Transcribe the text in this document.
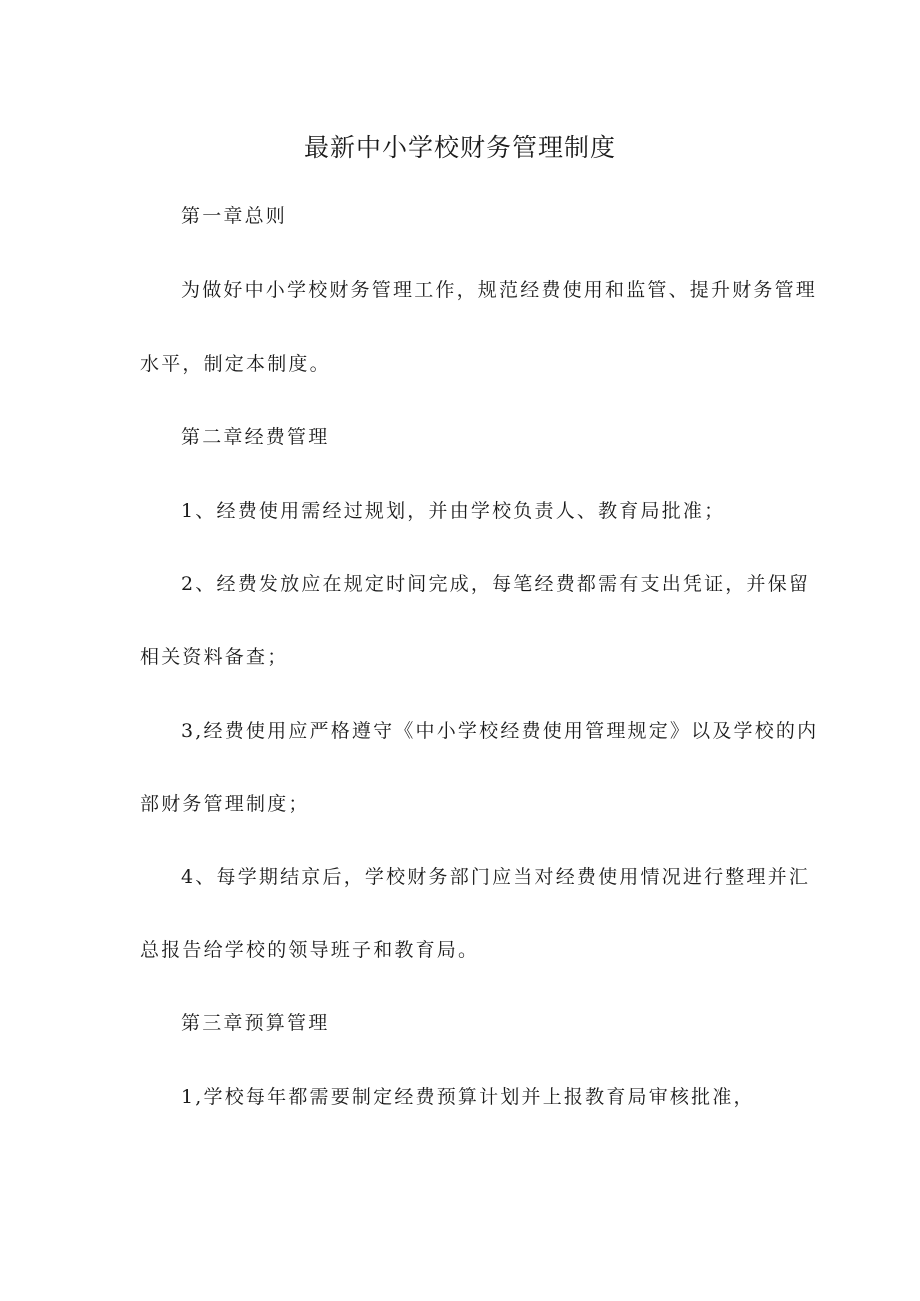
最新中小学校财务管理制度
第一章总则
为做好中小学校财务管理工作，规范经费使用和监管、提升财务管理
水平，制定本制度。
第二章经费管理
1、经费使用需经过规划，并由学校负责人、教育局批准；
2、经费发放应在规定时间完成，每笔经费都需有支出凭证，并保留
相关资料备查；
3,经费使用应严格遵守《中小学校经费使用管理规定》以及学校的内
部财务管理制度；
4、每学期结京后，学校财务部门应当对经费使用情况进行整理并汇
总报告给学校的领导班子和教育局。
第三章预算管理
1,学校每年都需要制定经费预算计划并上报教育局审核批准，
